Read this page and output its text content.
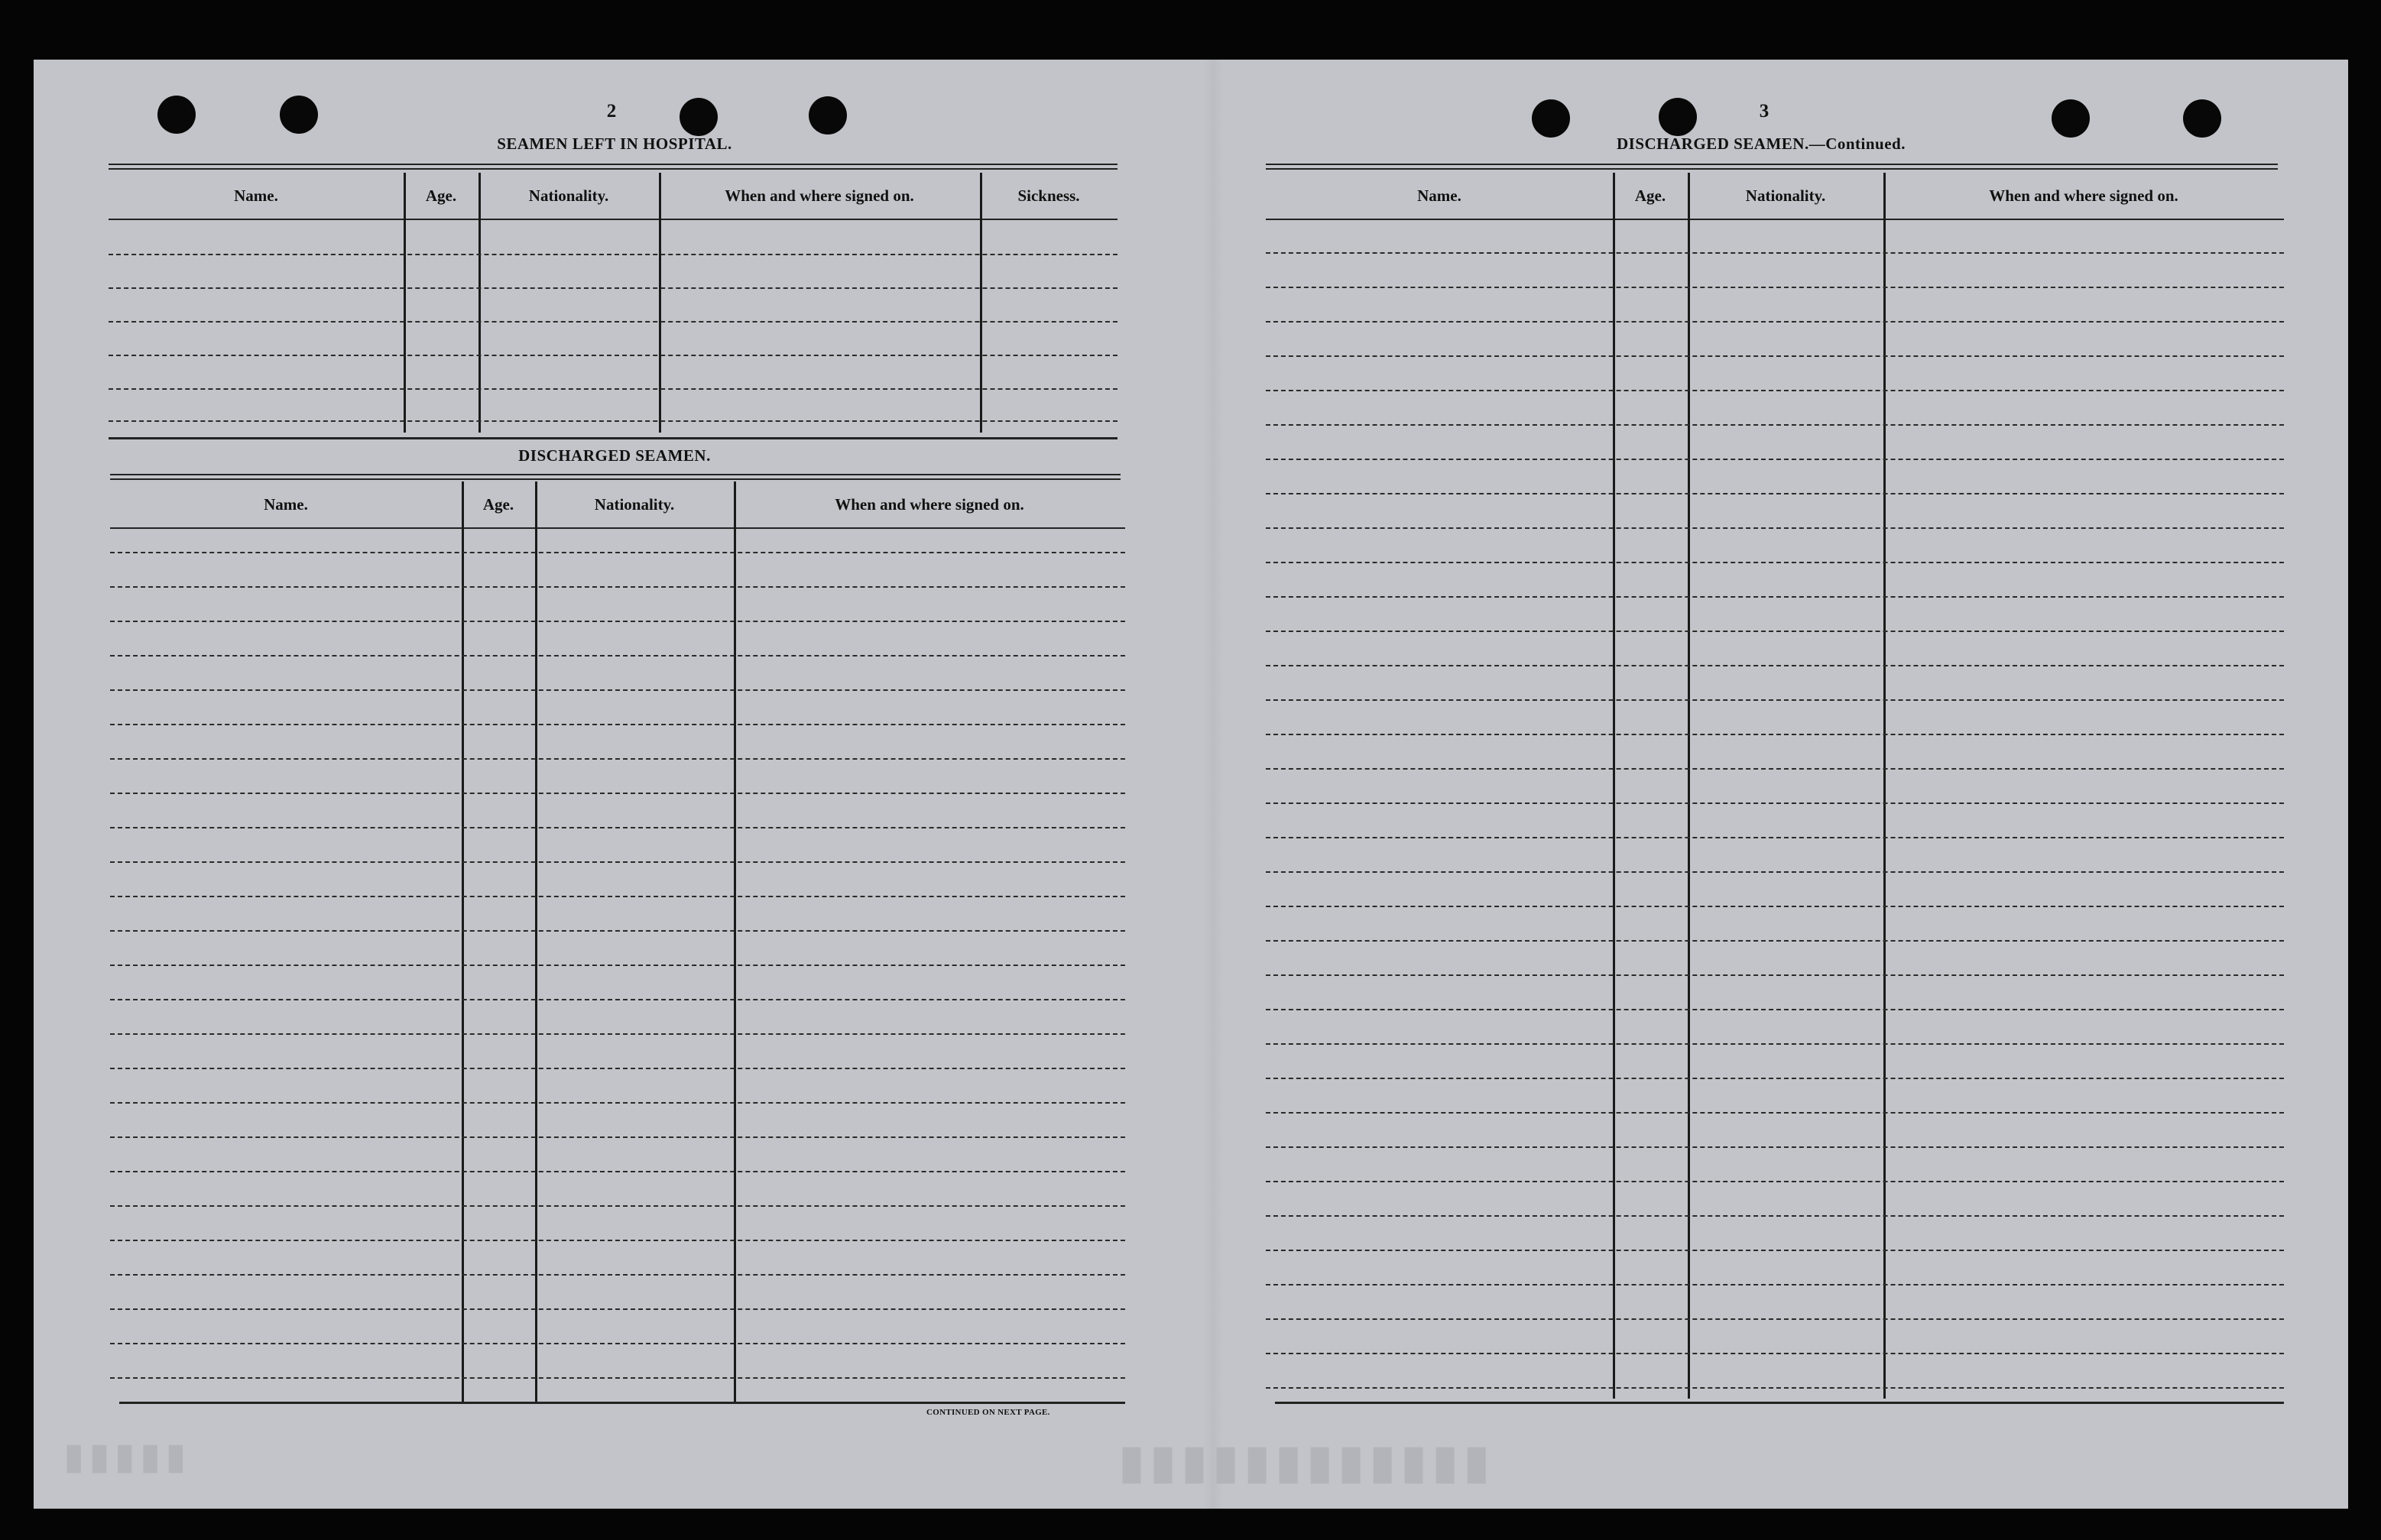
▮▮▮▮▮	▮▮▮▮▮▮▮▮▮▮▮▮
2
SEAMEN LEFT IN HOSPITAL.
Name.	Age.	Nationality.	When and where signed on.	Sickness.
DISCHARGED SEAMEN.
Name.	Age.	Nationality.	When and where signed on.
CONTINUED ON NEXT PAGE.
3
DISCHARGED SEAMEN.—Continued.
Name.	Age.	Nationality.	When and where signed on.
